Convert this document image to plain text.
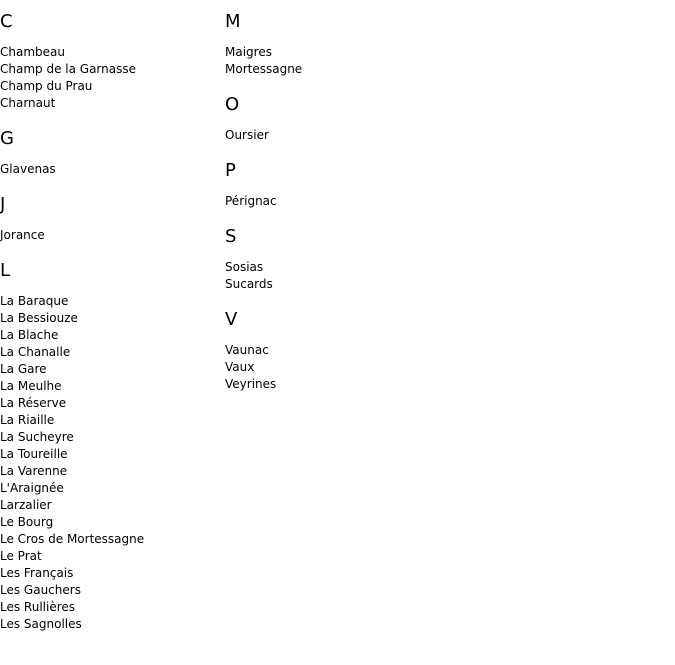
C
Chambeau
Champ de la Garnasse
Champ du Prau
Charnaut
G
Glavenas
J
Jorance
L
La Baraque
La Bessiouze
La Blache
La Chanalle
La Gare
La Meulhe
La Réserve
La Riaille
La Sucheyre
La Toureille
La Varenne
L'Araignée
Larzalier
Le Bourg
Le Cros de Mortessagne
Le Prat
Les Français
Les Gauchers
Les Rullières
Les Sagnolles
M
Maigres
Mortessagne
O
Oursier
P
Pérignac
S
Sosias
Sucards
V
Vaunac
Vaux
Veyrines
